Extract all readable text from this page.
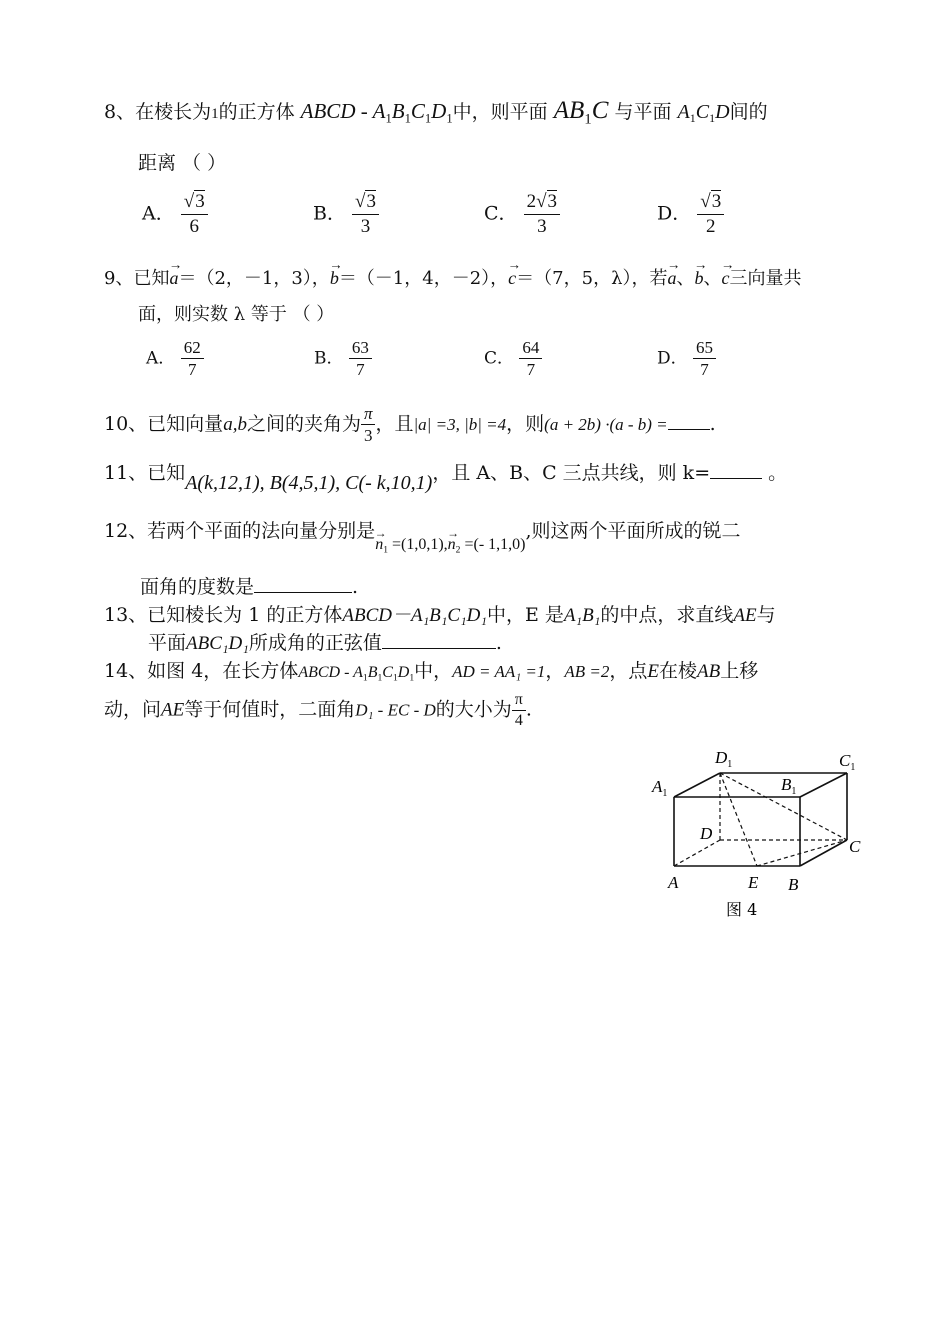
8、在棱长为1的正方体 ABCD - $A_1B_1C_1D_1$中，则平面 $AB_1C$ 与平面 $A_1C_1D$间的
距离 （ ）
A． $\frac{√3}{6}$	B． $\frac{√3}{3}$	C． $\frac{2√3}{3}$	D． $\frac{√3}{2}$
9、已知→ a＝（2，－1，3），→ b＝（－1，4，－2），→ c＝（7，5，λ），若→ a、→ b、→ c三向量共
面，则实数 λ 等于 （ ）
A． $\frac{62}{7}$	B． $\frac{63}{7}$	C． $\frac{64}{7}$	D． $\frac{65}{7}$
10、已知向量a,b之间的夹角为 $\frac{\pi}{3}$ ，且|a| =3, |b| =4，则(a + 2b) ·(a - b) = .
11、已知A(k,12,1), B(4,5,1), C(- k,10,1)，且 A、B、C 三点共线，则 k=	。
12、若两个平面的法向量分别是→ $_{n_1 =(1,0,1),\to n_2 =(- 1,1,0)}$,则这两个平面所成的锐二
面角的度数是	.
13、已知棱长为 1 的正方体ABCD－A₁B₁C₁D₁中，E 是A₁B₁的中点，求直线AE与
平面ABC₁D₁所成角的正弦值	.
14、如图 4，在长方体ABCD - $A_1B_1C_1D_1$中，AD = AA₁ =1，AB =2，点E在棱AB上移
动，问AE等于何值时，二面角D₁ - EC - D的大小为 $\frac{\pi}{4}$ .
$A_1$
$D_1$	$C_1$
$B_1$
D
A	E B
C
图 4
